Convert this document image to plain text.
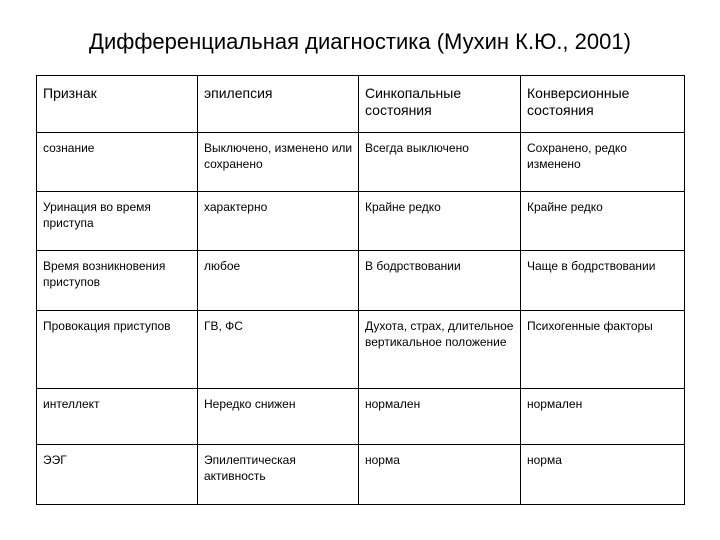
Дифференциальная диагностика (Мухин К.Ю., 2001)
Признак	эпилепсия	Синкопальные состояния	Конверсионные состояния
сознание	Выключено, изменено или сохранено	Всегда выключено	Сохранено, редко изменено
Уринация во время приступа	характерно	Крайне редко	Крайне редко
Время возникновения приступов	любое	В бодрствовании	Чаще в бодрствовании
Провокация приступов	ГВ, ФС	Духота, страх, длительное вертикальное положение	Психогенные факторы
интеллект	Нередко снижен	нормален	нормален
ЭЭГ	Эпилептическая активность	норма	норма
